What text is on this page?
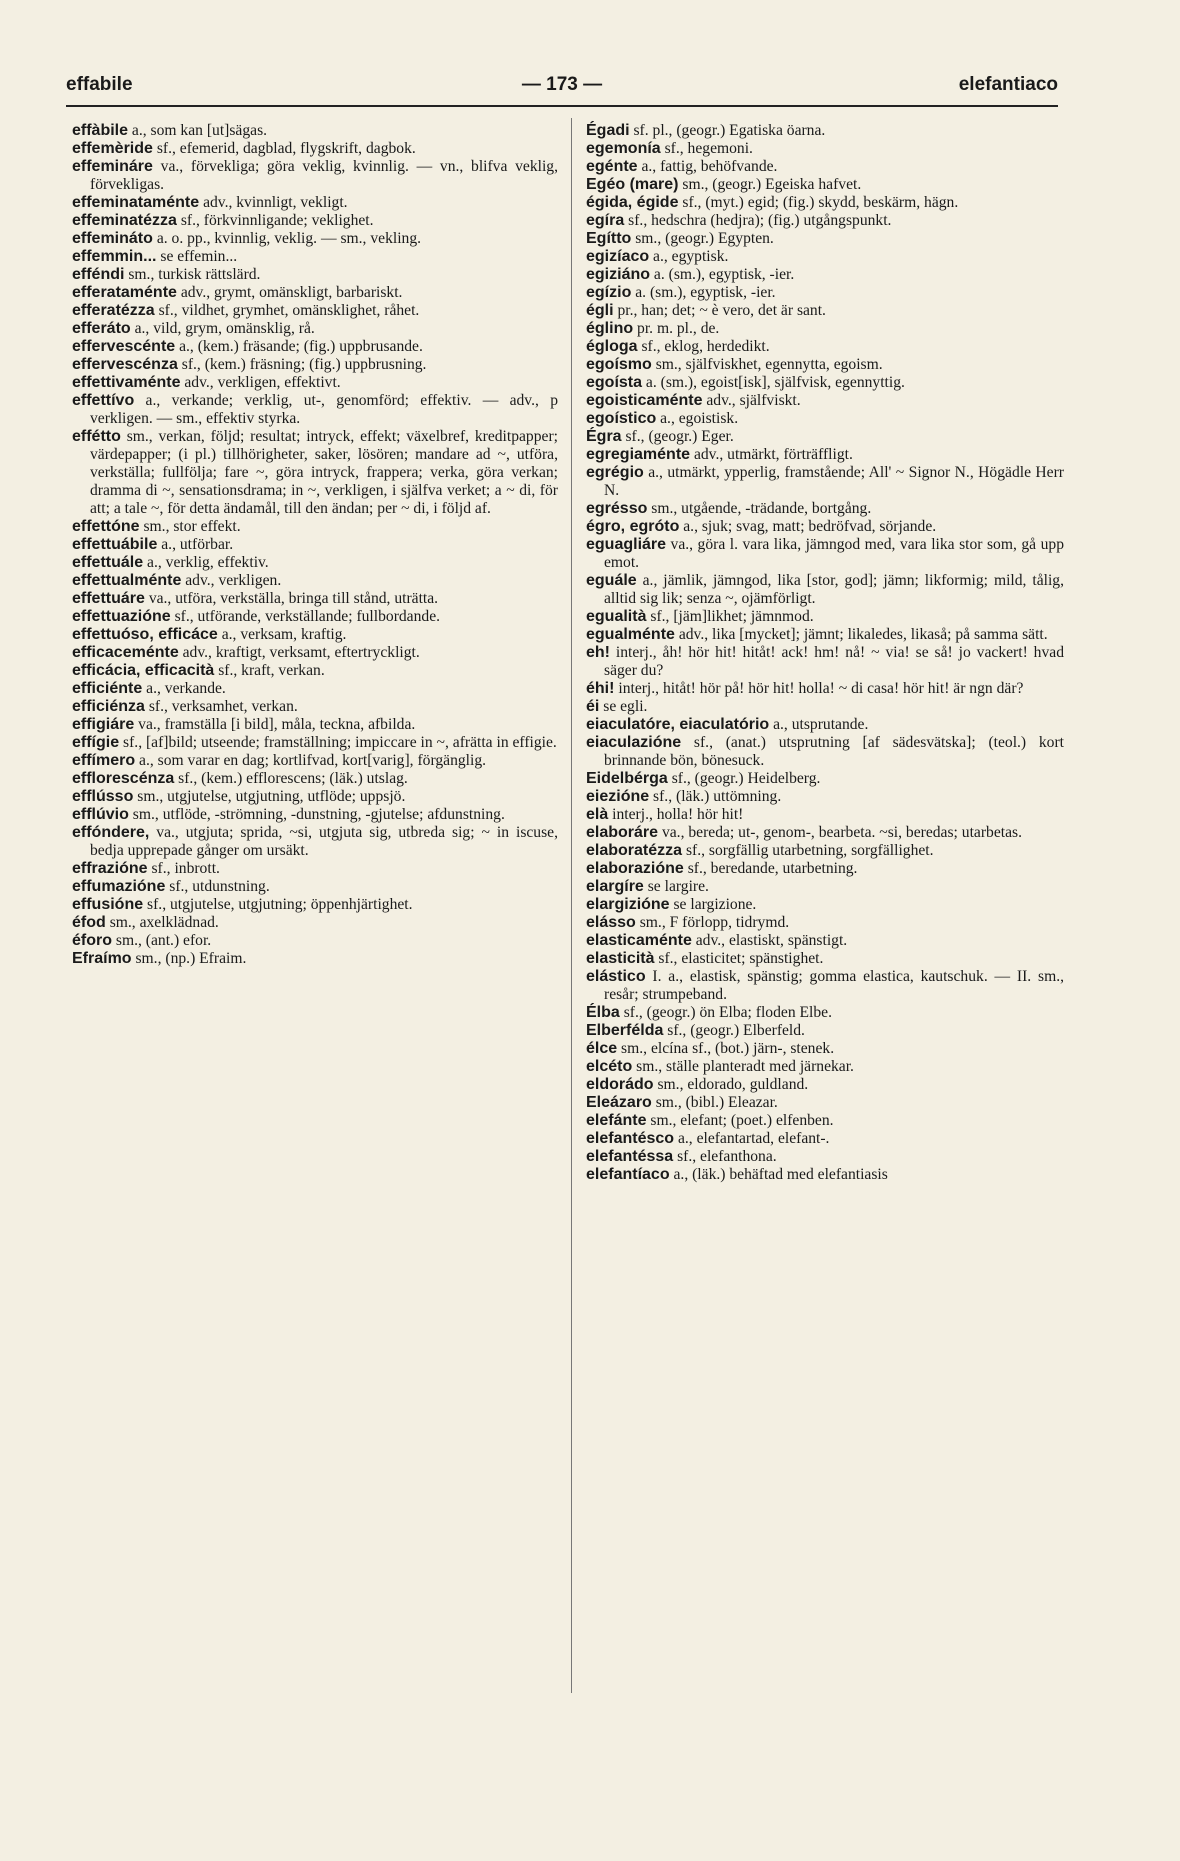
effabile	— 173 —	elefantiaco

effàbile a., som kan [ut]sägas.

effemèride sf., efemerid, dagblad, flygskrift, dagbok.

effemináre va., förvekliga; göra veklig, kvinnlig. — vn., blifva veklig, förvekligas.

effeminataménte adv., kvinnligt, vekligt.

effeminatézza sf., förkvinnligande; veklighet.

effemináto a. o. pp., kvinnlig, veklig. — sm., vekling.

effemmin... se effemin...

efféndi sm., turkisk rättslärd.

efferataménte adv., grymt, omänskligt, barbariskt.

efferatézza sf., vildhet, grymhet, omänsklighet, råhet.

efferáto a., vild, grym, omänsklig, rå.

effervescénte a., (kem.) fräsande; (fig.) uppbrusande.

effervescénza sf., (kem.) fräsning; (fig.) uppbrusning.

effettivaménte adv., verkligen, effektivt.

effettívo a., verkande; verklig, ut-, genomförd; effektiv. — adv., p verkligen. — sm., effektiv styrka.

effétto sm., verkan, följd; resultat; intryck, effekt; växelbref, kreditpapper; värdepapper; (i pl.) tillhörigheter, saker, lösören; mandare ad ~, utföra, verkställa; fullfölja; fare ~, göra intryck, frappera; verka, göra verkan; dramma di ~, sensationsdrama; in ~, verkligen, i själfva verket; a ~ di, för att; a tale ~, för detta ändamål, till den ändan; per ~ di, i följd af.

effettóne sm., stor effekt.

effettuábile a., utförbar.

effettuále a., verklig, effektiv.

effettualménte adv., verkligen.

effettuáre va., utföra, verkställa, bringa till stånd, uträtta.

effettuazióne sf., utförande, verkställande; fullbordande.

effettuóso, efficáce a., verksam, kraftig.

efficaceménte adv., kraftigt, verksamt, eftertryckligt.

efficácia, efficacità sf., kraft, verkan.

efficiénte a., verkande.

efficiénza sf., verksamhet, verkan.

effigiáre va., framställa [i bild], måla, teckna, afbilda.

effígie sf., [af]bild; utseende; framställning; impiccare in ~, afrätta in effigie.

effímero a., som varar en dag; kortlifvad, kort[varig], förgänglig.

efflorescénza sf., (kem.) efflorescens; (läk.) utslag.

efflússo sm., utgjutelse, utgjutning, utflöde; uppsjö.

efflúvio sm., utflöde, -strömning, -dunstning, -gjutelse; afdunstning.

effóndere, va., utgjuta; sprida, ~si, utgjuta sig, utbreda sig; ~ in iscuse, bedja upprepade gånger om ursäkt.

effrazióne sf., inbrott.

effumazióne sf., utdunstning.

effusióne sf., utgjutelse, utgjutning; öppenhjärtighet.

éfod sm., axelklädnad.

éforo sm., (ant.) efor.

Efraímo sm., (np.) Efraim.

Égadi sf. pl., (geogr.) Egatiska öarna.

egemonía sf., hegemoni.

egénte a., fattig, behöfvande.

Egéo (mare) sm., (geogr.) Egeiska hafvet.

égida, égide sf., (myt.) egid; (fig.) skydd, beskärm, hägn.

egíra sf., hedschra (hedjra); (fig.) utgångspunkt.

Egítto sm., (geogr.) Egypten.

egizíaco a., egyptisk.

egiziáno a. (sm.), egyptisk, -ier.

egízio a. (sm.), egyptisk, -ier.

égli pr., han; det; ~ è vero, det är sant.

églino pr. m. pl., de.

égloga sf., eklog, herdedikt.

egoísmo sm., själfviskhet, egennytta, egoism.

egoísta a. (sm.), egoist[isk], själfvisk, egennyttig.

egoisticaménte adv., själfviskt.

egoístico a., egoistisk.

Égra sf., (geogr.) Eger.

egregiaménte adv., utmärkt, förträffligt.

egrégio a., utmärkt, ypperlig, framstående; All' ~ Signor N., Högädle Herr N.

egrésso sm., utgående, -trädande, bortgång.

égro, egróto a., sjuk; svag, matt; bedröfvad, sörjande.

eguagliáre va., göra l. vara lika, jämngod med, vara lika stor som, gå upp emot.

eguále a., jämlik, jämngod, lika [stor, god]; jämn; likformig; mild, tålig, alltid sig lik; senza ~, ojämförligt.

egualità sf., [jäm]likhet; jämnmod.

egualménte adv., lika [mycket]; jämnt; likaledes, likaså; på samma sätt.

eh! interj., åh! hör hit! hitåt! ack! hm! nå! ~ via! se så! jo vackert! hvad säger du?

éhi! interj., hitåt! hör på! hör hit! holla! ~ di casa! hör hit! är ngn där?

éi se egli.

eiaculatóre, eiaculatório a., utsprutande.

eiaculazióne sf., (anat.) utsprutning [af sädesvätska]; (teol.) kort brinnande bön, bönesuck.

Eidelbérga sf., (geogr.) Heidelberg.

eiezióne sf., (läk.) uttömning.

elà interj., holla! hör hit!

elaboráre va., bereda; ut-, genom-, bearbeta. ~si, beredas; utarbetas.

elaboratézza sf., sorgfällig utarbetning, sorgfällighet.

elaborazióne sf., beredande, utarbetning.

elargíre se largire.

elargizióne se largizione.

elásso sm., F förlopp, tidrymd.

elasticaménte adv., elastiskt, spänstigt.

elasticità sf., elasticitet; spänstighet.

elástico I. a., elastisk, spänstig; gomma elastica, kautschuk. — II. sm., resår; strumpeband.

Élba sf., (geogr.) ön Elba; floden Elbe.

Elberfélda sf., (geogr.) Elberfeld.

élce sm., elcína sf., (bot.) järn-, stenek.

elcéto sm., ställe planteradt med järnekar.

eldorádo sm., eldorado, guldland.

Eleázaro sm., (bibl.) Eleazar.

elefánte sm., elefant; (poet.) elfenben.

elefantésco a., elefantartad, elefant-.

elefantéssa sf., elefanthona.

elefantíaco a., (läk.) behäftad med elefantiasis
